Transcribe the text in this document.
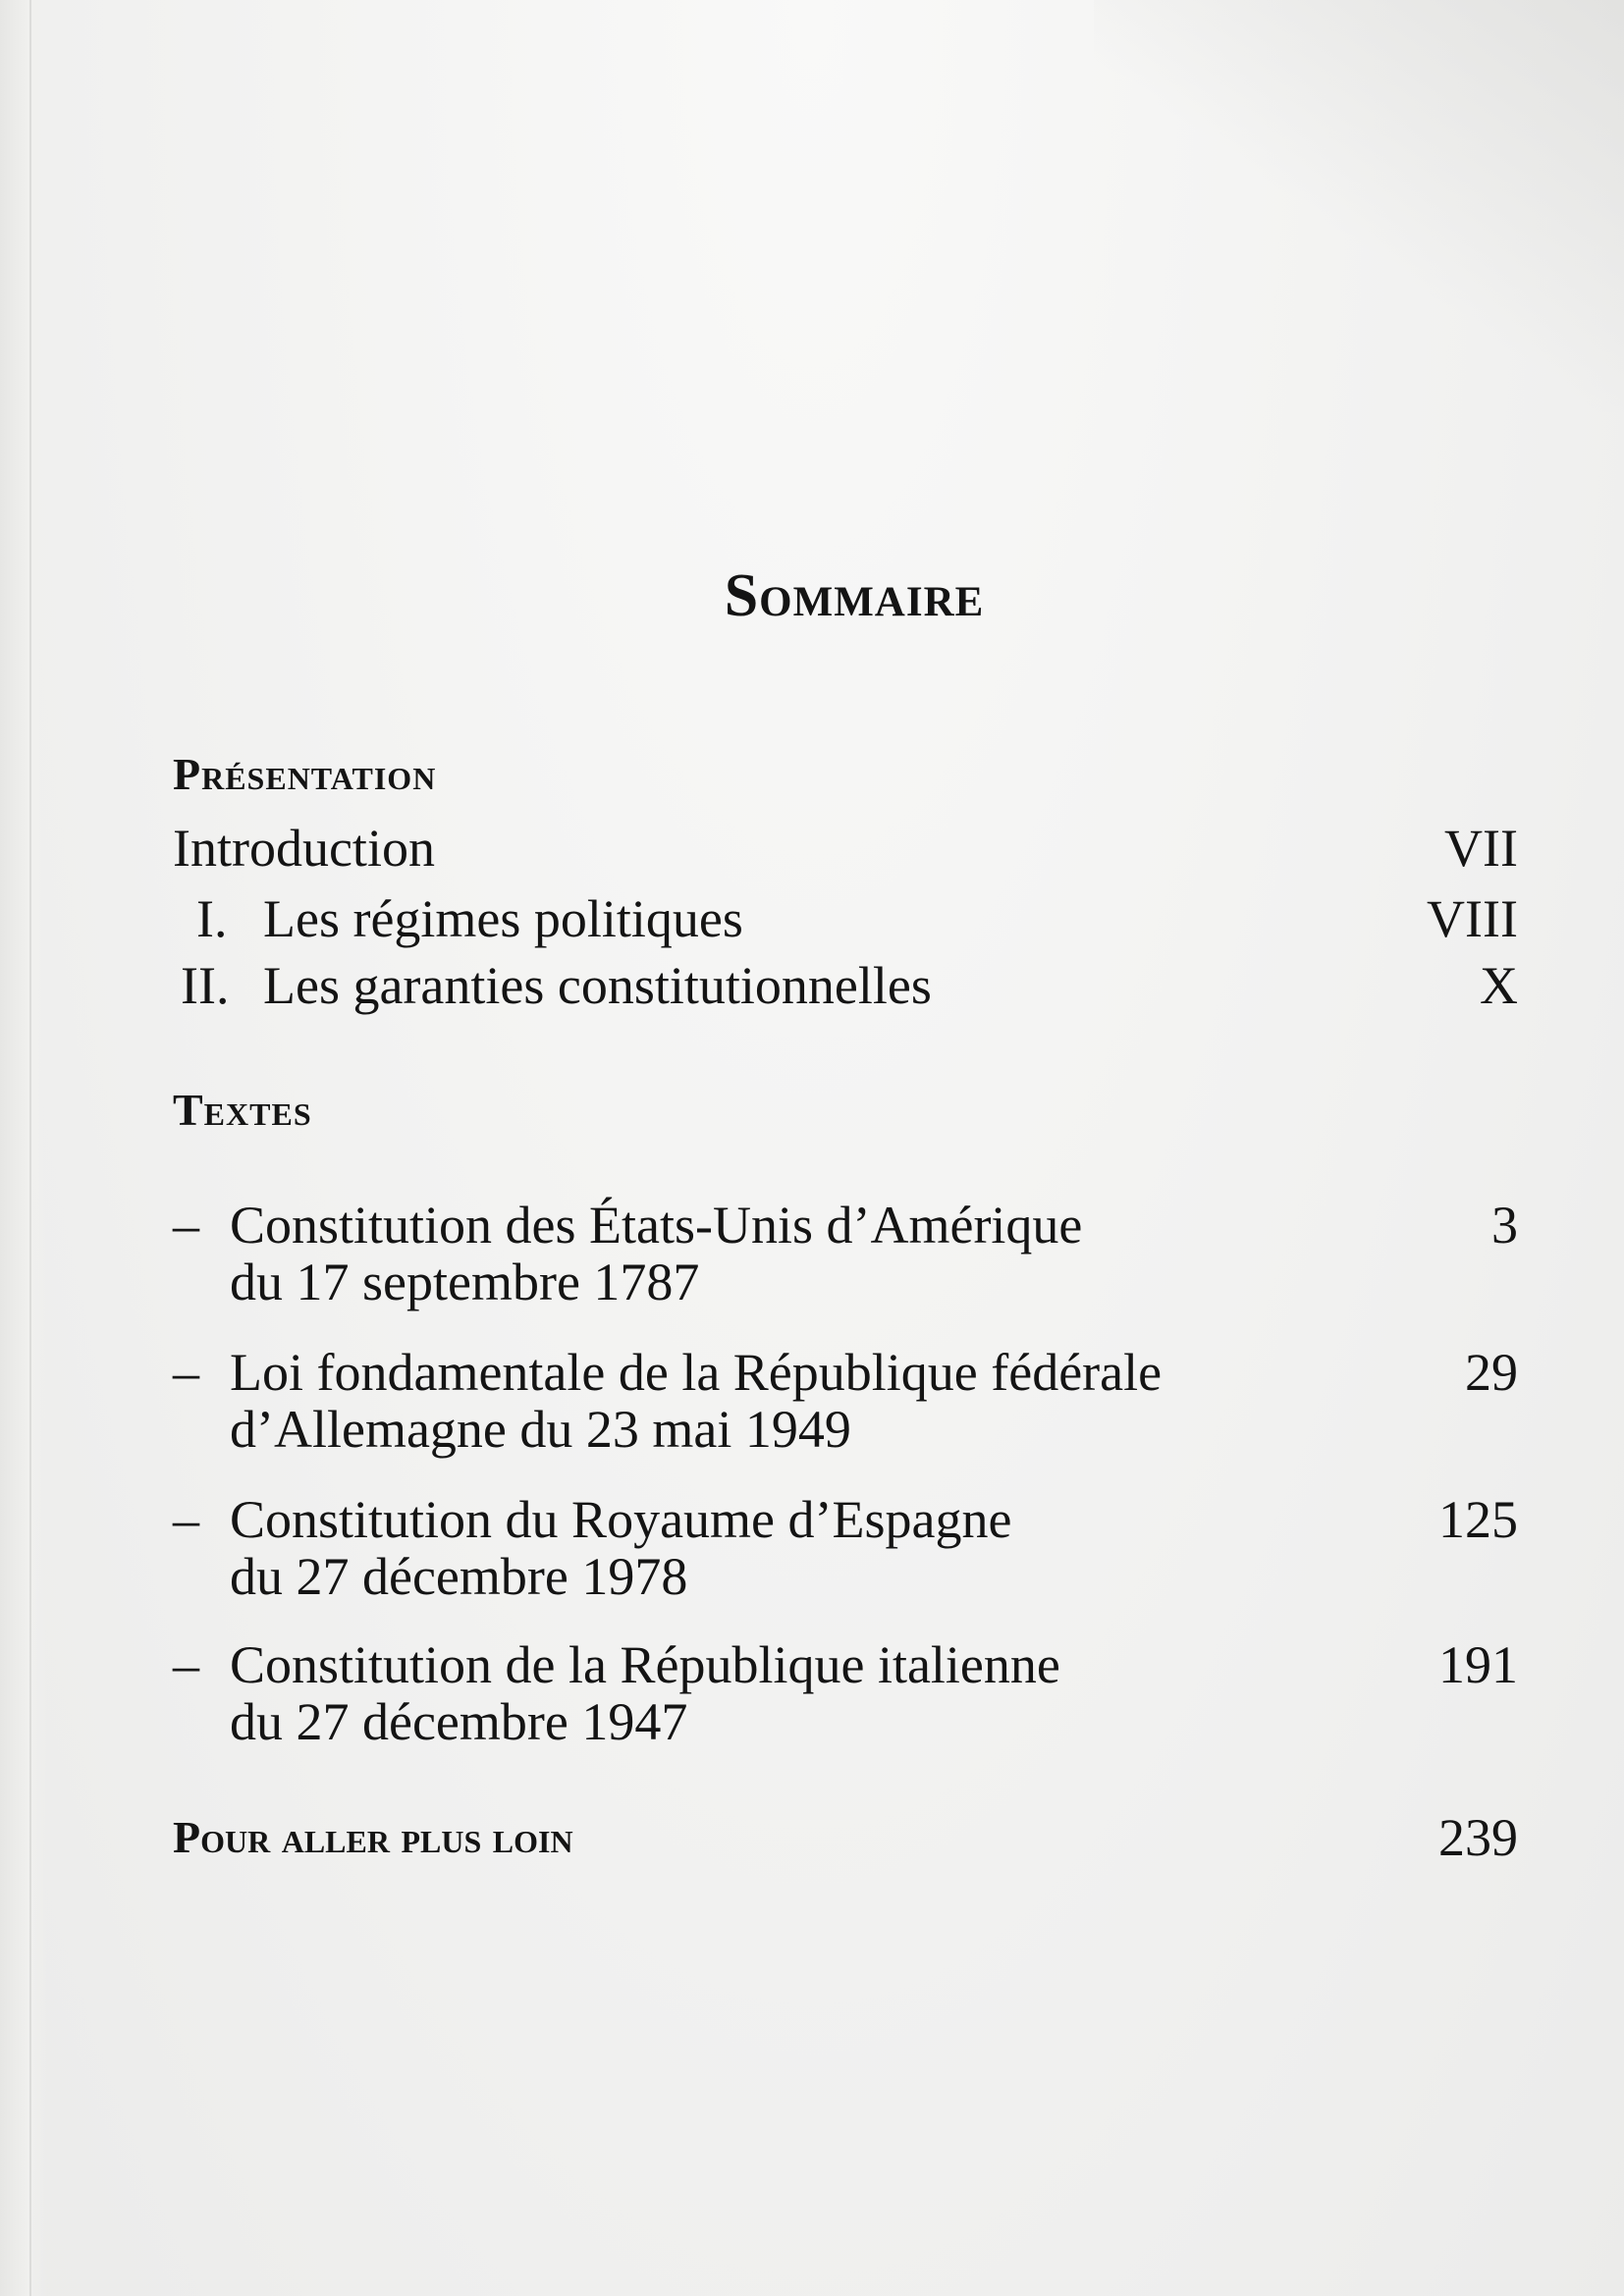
Sommaire
Présentation
Introduction	VII
I. Les régimes politiques	VIII
II. Les garanties constitutionnelles	X
Textes
– Constitution des États-Unis d’Amérique
du 17 septembre 1787
3
– Loi fondamentale de la République fédérale
d’Allemagne du 23 mai 1949
29
– Constitution du Royaume d’Espagne
du 27 décembre 1978
125
– Constitution de la République italienne
du 27 décembre 1947
191
Pour aller plus loin	239
